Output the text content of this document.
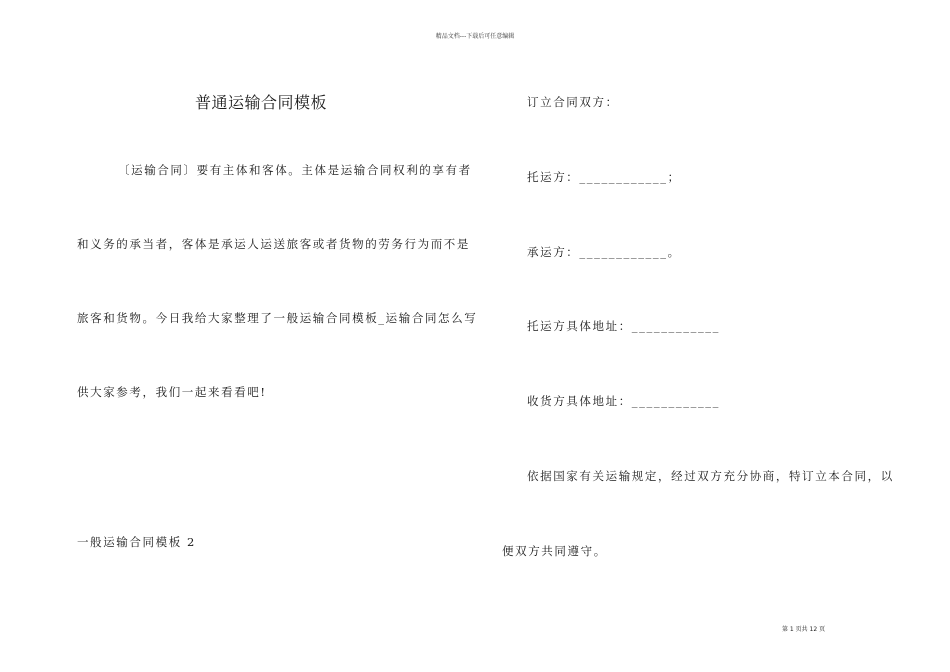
精品文档---下载后可任意编辑
普通运输合同模板
〔运输合同〕要有主体和客体。主体是运输合同权利的享有者
和义务的承当者，客体是承运人运送旅客或者货物的劳务行为而不是
旅客和货物。今日我给大家整理了一般运输合同模板_运输合同怎么写
供大家参考，我们一起来看看吧!
一般运输合同模板 2
订立合同双方：
托运方：____________；
承运方：____________。
托运方具体地址：____________
收货方具体地址：____________
依据国家有关运输规定，经过双方充分协商，特订立本合同，以
便双方共同遵守。
第 1 页共 12 页
